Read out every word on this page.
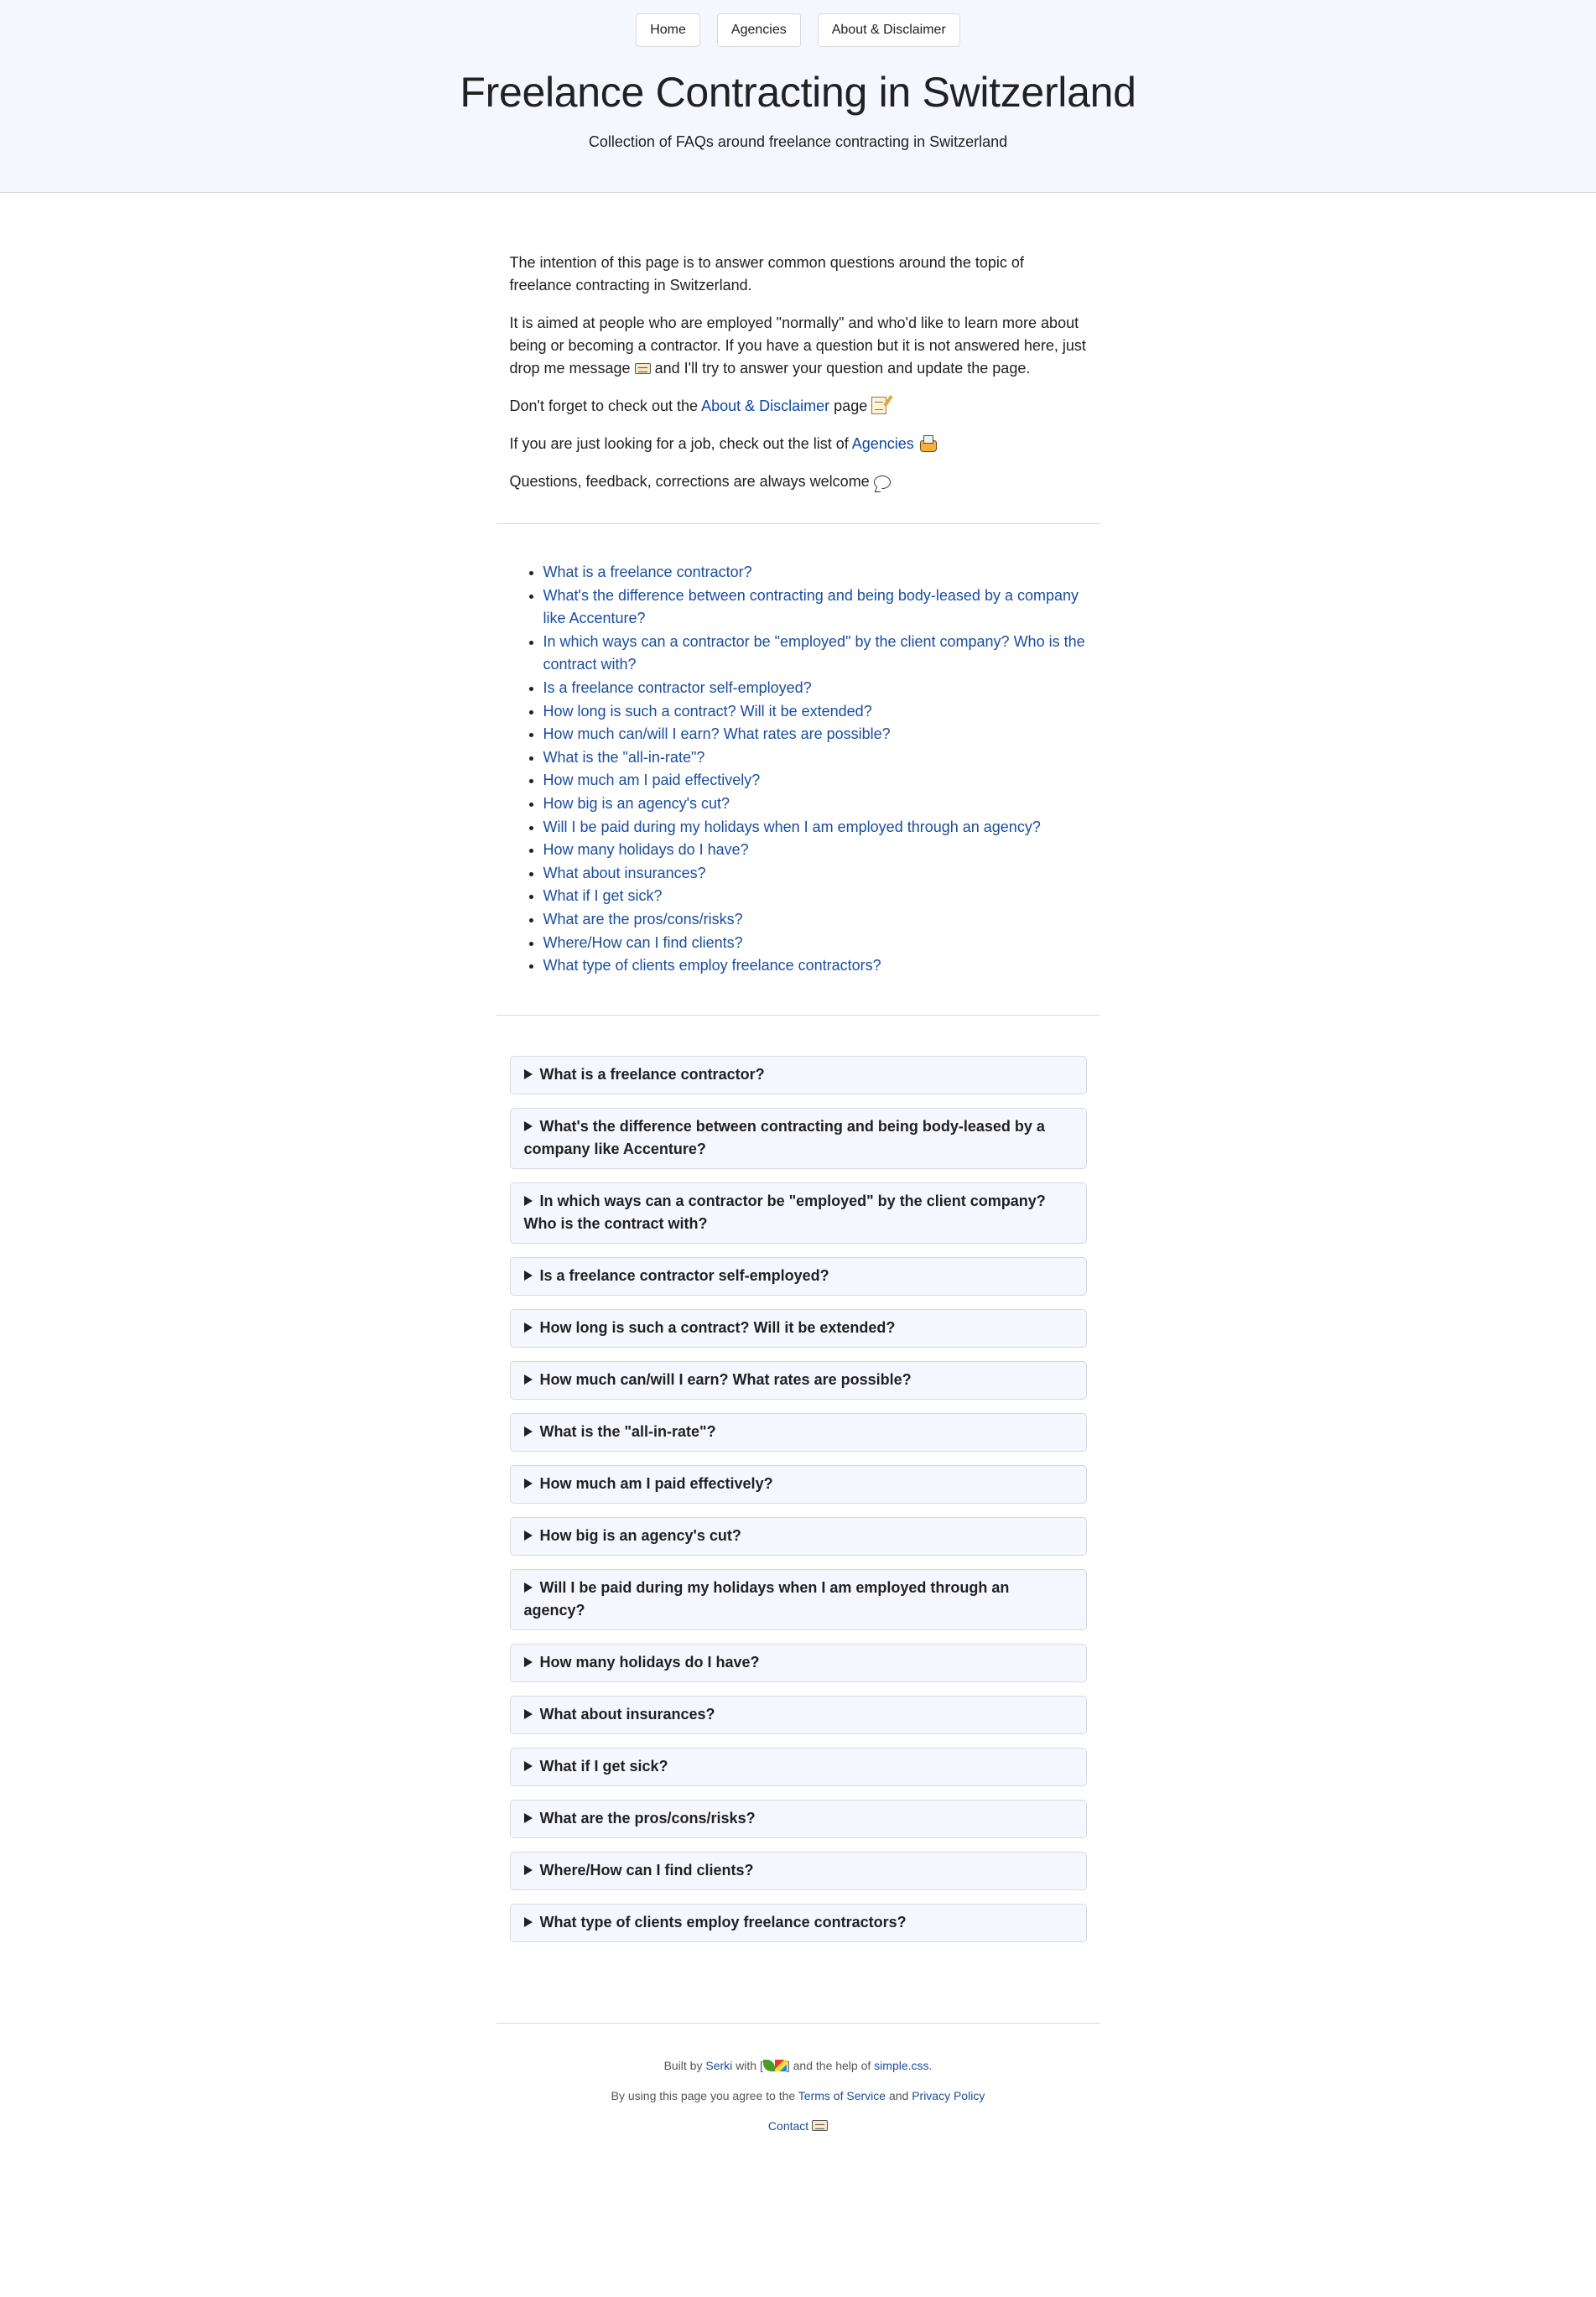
Home	Agencies	About & Disclaimer
Freelance Contracting in Switzerland

Collection of FAQs around freelance contracting in Switzerland

The intention of this page is to answer common questions around the topic of freelance contracting in Switzerland.

It is aimed at people who are employed "normally" and who'd like to learn more about being or becoming a contractor. If you have a question but it is not answered here, just drop me message and I'll try to answer your question and update the page.

Don't forget to check out the About & Disclaimer page

If you are just looking for a job, check out the list of Agencies

Questions, feedback, corrections are always welcome

• What is a freelance contractor?
• What's the difference between contracting and being body-leased by a company like Accenture?
• In which ways can a contractor be "employed" by the client company? Who is the contract with?
• Is a freelance contractor self-employed?
• How long is such a contract? Will it be extended?
• How much can/will I earn? What rates are possible?
• What is the "all-in-rate"?
• How much am I paid effectively?
• How big is an agency's cut?
• Will I be paid during my holidays when I am employed through an agency?
• How many holidays do I have?
• What about insurances?
• What if I get sick?
• What are the pros/cons/risks?
• Where/How can I find clients?
• What type of clients employ freelance contractors?
What is a freelance contractor?
What's the difference between contracting and being body-leased by a company like Accenture?
In which ways can a contractor be "employed" by the client company? Who is the contract with?
Is a freelance contractor self-employed?
How long is such a contract? Will it be extended?
How much can/will I earn? What rates are possible?
What is the "all-in-rate"?
How much am I paid effectively?
How big is an agency's cut?
Will I be paid during my holidays when I am employed through an agency?
How many holidays do I have?
What about insurances?
What if I get sick?
What are the pros/cons/risks?
Where/How can I find clients?
What type of clients employ freelance contractors?

Built by Serki with [ ] and the help of simple.css.

By using this page you agree to the Terms of Service and Privacy Policy

Contact
